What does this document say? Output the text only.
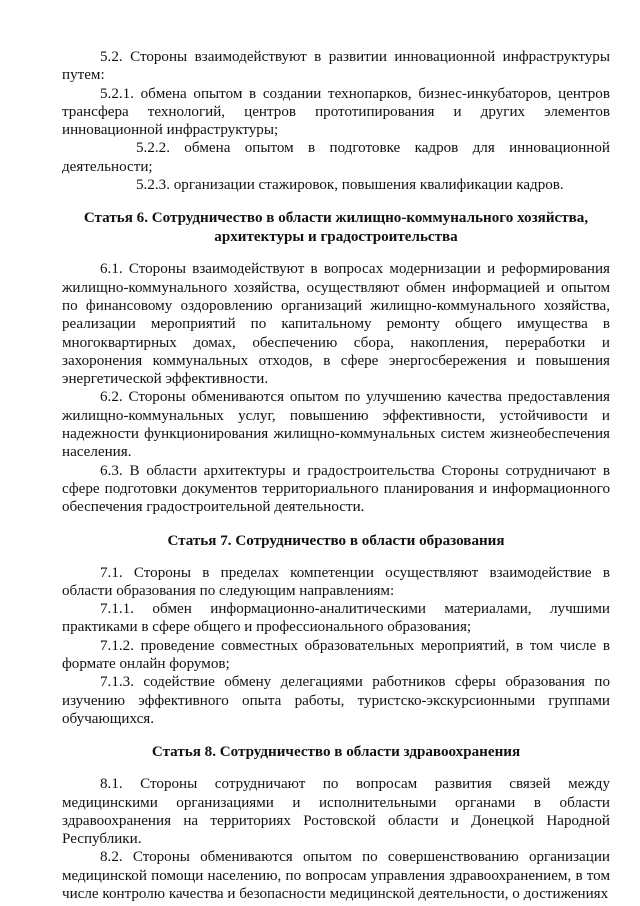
5.2. Стороны взаимодействуют в развитии инновационной инфраструктуры путем:

5.2.1. обмена опытом в создании технопарков, бизнес-инкубаторов, центров трансфера технологий, центров прототипирования и других элементов инновационной инфраструктуры;

5.2.2. обмена опытом в подготовке кадров для инновационной деятельности;

5.2.3. организации стажировок, повышения квалификации кадров.

Статья 6. Сотрудничество в области жилищно-коммунального хозяйства, архитектуры и градостроительства

6.1. Стороны взаимодействуют в вопросах модернизации и реформирования жилищно-коммунального хозяйства, осуществляют обмен информацией и опытом по финансовому оздоровлению организаций жилищно-коммунального хозяйства, реализации мероприятий по капитальному ремонту общего имущества в многоквартирных домах, обеспечению сбора, накопления, переработки и захоронения коммунальных отходов, в сфере энергосбережения и повышения энергетической эффективности.

6.2. Стороны обмениваются опытом по улучшению качества предоставления жилищно-коммунальных услуг, повышению эффективности, устойчивости и надежности функционирования жилищно-коммунальных систем жизнеобеспечения населения.

6.3. В области архитектуры и градостроительства Стороны сотрудничают в сфере подготовки документов территориального планирования и информационного обеспечения градостроительной деятельности.

Статья 7. Сотрудничество в области образования

7.1. Стороны в пределах компетенции осуществляют взаимодействие в области образования по следующим направлениям:

7.1.1. обмен информационно-аналитическими материалами, лучшими практиками в сфере общего и профессионального образования;

7.1.2. проведение совместных образовательных мероприятий, в том числе в формате онлайн форумов;

7.1.3. содействие обмену делегациями работников сферы образования по изучению эффективного опыта работы, туристско-экскурсионными группами обучающихся.

Статья 8. Сотрудничество в области здравоохранения

8.1. Стороны сотрудничают по вопросам развития связей между медицинскими организациями и исполнительными органами в области здравоохранения на территориях Ростовской области и Донецкой Народной Республики.

8.2. Стороны обмениваются опытом по совершенствованию организации медицинской помощи населению, по вопросам управления здравоохранением, в том числе контролю качества и безопасности медицинской деятельности, о достижениях
